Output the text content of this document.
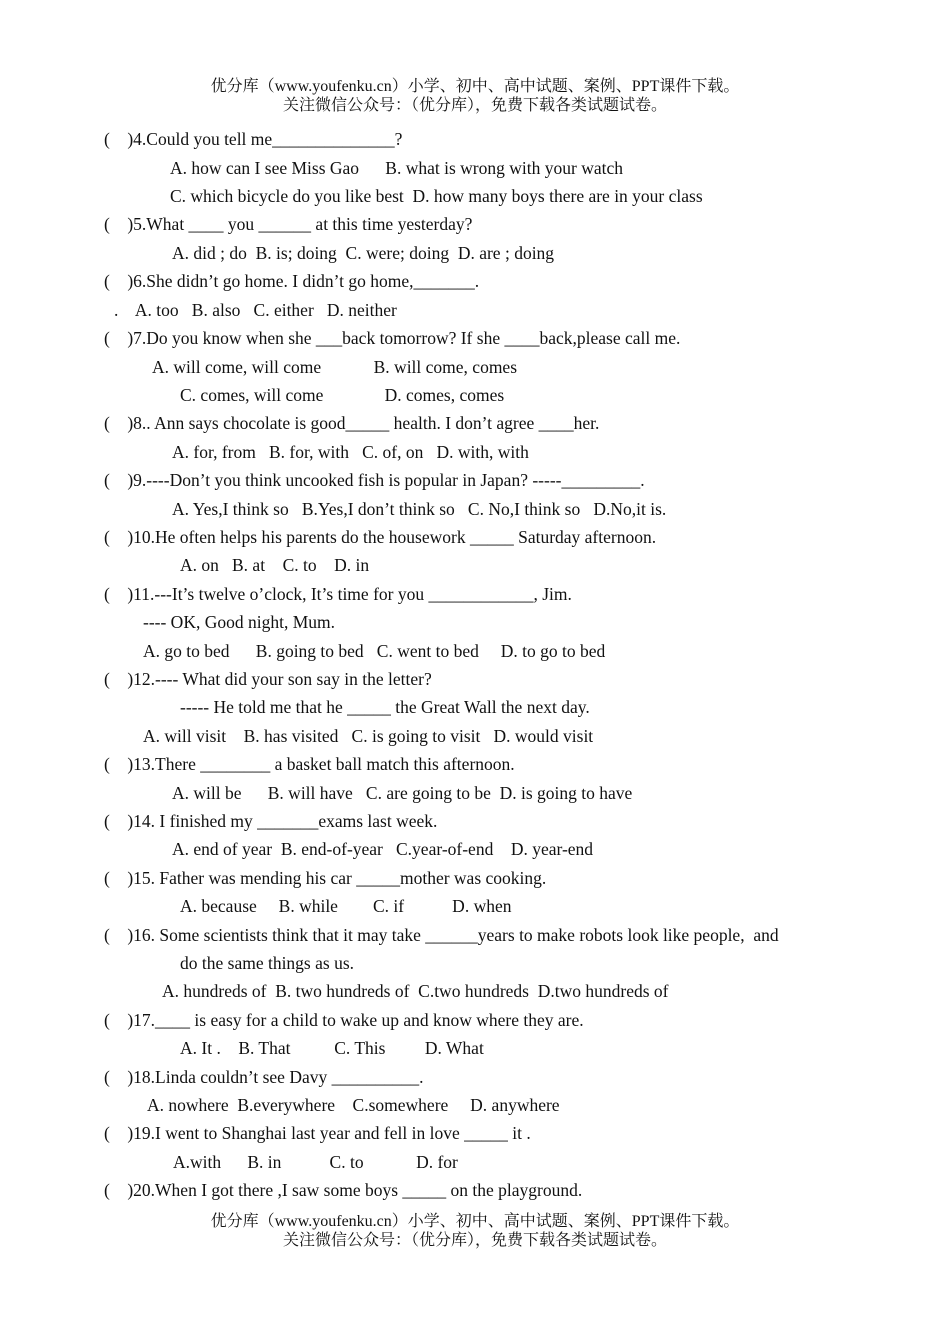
优分库（www.youfenku.cn）小学、初中、高中试题、案例、PPT课件下载。
关注微信公众号：（优分库），免费下载各类试题试卷。
(    )4.Could you tell me______________?
A. how can I see Miss Gao      B. what is wrong with your watch
C. which bicycle do you like best  D. how many boys there are in your class
(    )5.What ____ you ______ at this time yesterday?
A. did ; do  B. is; doing  C. were; doing  D. are ; doing
(    )6.She didn’t go home. I didn’t go home,_______.
.    A. too   B. also   C. either   D. neither
(    )7.Do you know when she ___back tomorrow? If she ____back,please call me.
A. will come, will come            B. will come, comes
C. comes, will come              D. comes, comes
(    )8.. Ann says chocolate is good_____ health. I don’t agree ____her.
A. for, from   B. for, with   C. of, on   D. with, with
(    )9.----Don’t you think uncooked fish is popular in Japan? -----_________.
A. Yes,I think so   B.Yes,I don’t think so   C. No,I think so   D.No,it is.
(    )10.He often helps his parents do the housework _____ Saturday afternoon.
A. on   B. at    C. to    D. in
(    )11.---It’s twelve o’clock, It’s time for you ____________, Jim.
---- OK, Good night, Mum.
A. go to bed      B. going to bed   C. went to bed     D. to go to bed
(    )12.---- What did your son say in the letter?
----- He told me that he _____ the Great Wall the next day.
A. will visit    B. has visited   C. is going to visit   D. would visit
(    )13.There ________ a basket ball match this afternoon.
A. will be      B. will have   C. are going to be  D. is going to have
(    )14. I finished my _______exams last week.
A. end of year  B. end-of-year   C.year-of-end    D. year-end
(    )15. Father was mending his car _____mother was cooking.
A. because     B. while        C. if           D. when
(    )16. Some scientists think that it may take ______years to make robots look like people,  and
do the same things as us.
A. hundreds of  B. two hundreds of  C.two hundreds  D.two hundreds of
(    )17.____ is easy for a child to wake up and know where they are.
A. It .    B. That          C. This         D. What
(    )18.Linda couldn’t see Davy __________.
A. nowhere  B.everywhere    C.somewhere     D. anywhere
(    )19.I went to Shanghai last year and fell in love _____ it .
A.with      B. in           C. to            D. for
(    )20.When I got there ,I saw some boys _____ on the playground.
优分库（www.youfenku.cn）小学、初中、高中试题、案例、PPT课件下载。
关注微信公众号：（优分库），免费下载各类试题试卷。
